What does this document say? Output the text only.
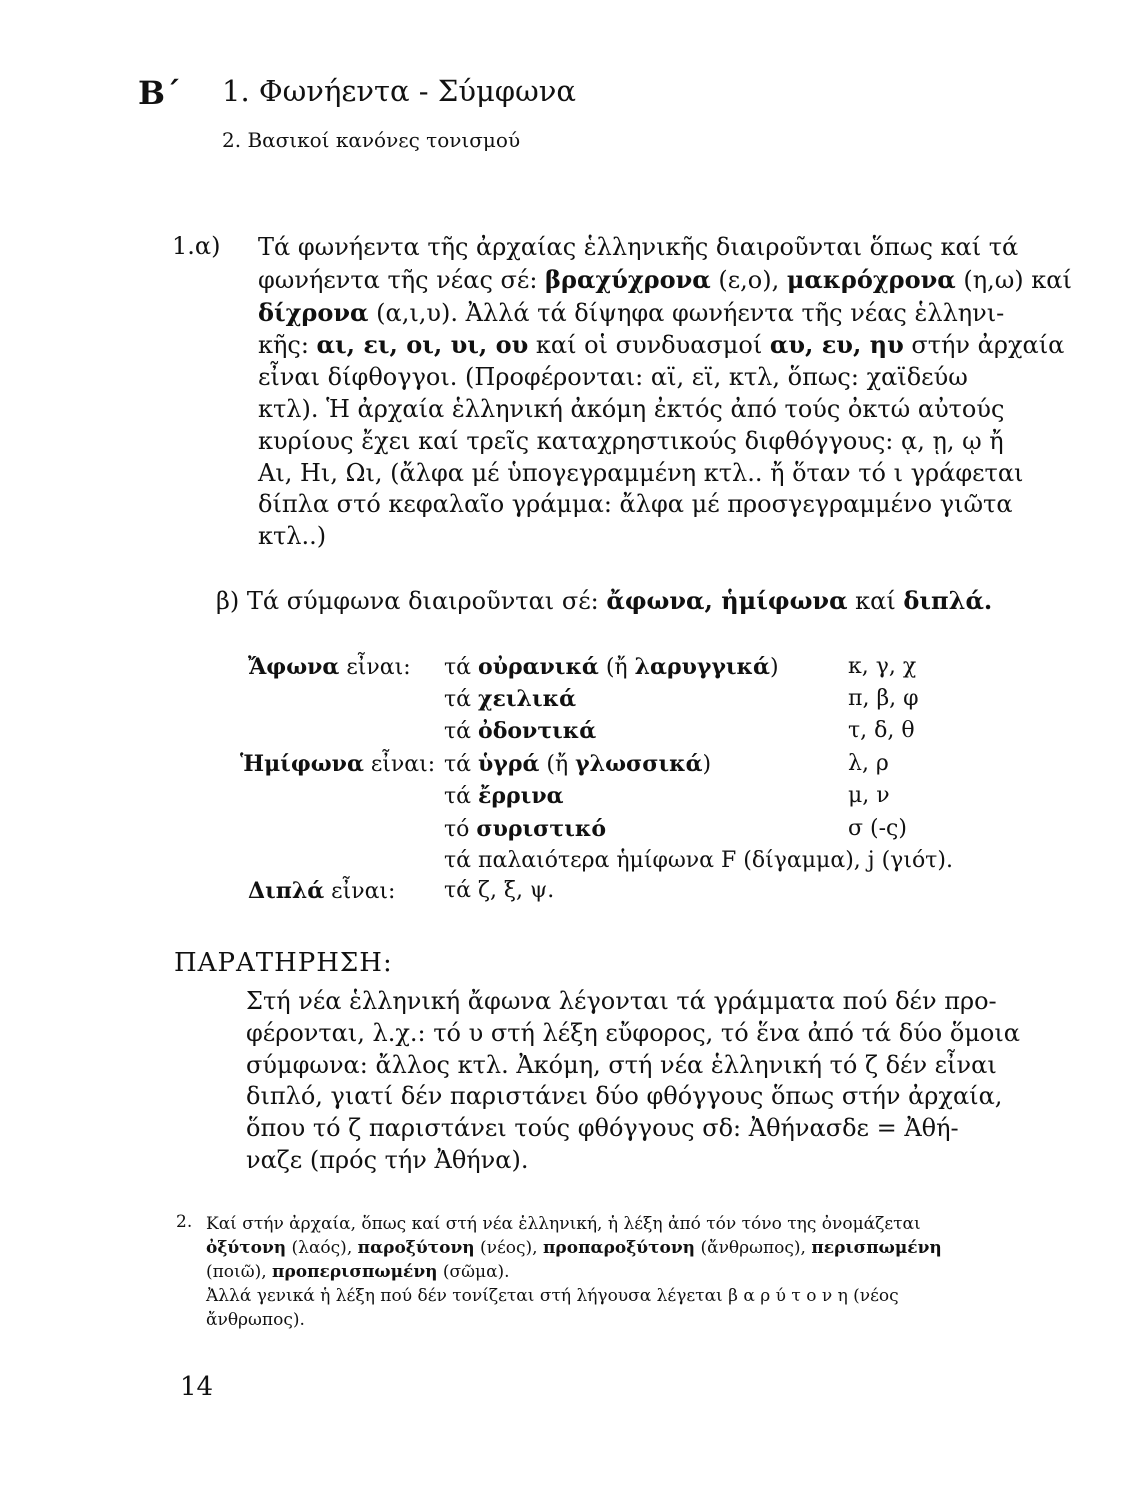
Β΄ 1. Φωνήεντα - Σύμφωνα
2. Βασικοί κανόνες τονισμού
1.α) Τά φωνήεντα τῆς ἀρχαίας ἑλληνικῆς διαιροῦνται ὅπως καί τά
φωνήεντα τῆς νέας σέ: βραχύχρονα (ε,ο), μακρόχρονα (η,ω) καί
δίχρονα (α,ι,υ). Ἀλλά τά δίψηφα φωνήεντα τῆς νέας ἑλληνι-
κῆς: αι, ει, οι, υι, ου καί οἱ συνδυασμοί αυ, ευ, ηυ στήν ἀρχαία
εἶναι δίφθογγοι. (Προφέρονται: αϊ, εϊ, κτλ, ὅπως: χαϊδεύω
κτλ). Ἡ ἀρχαία ἑλληνική ἀκόμη ἐκτός ἀπό τούς ὀκτώ αὐτούς
κυρίους ἔχει καί τρεῖς καταχρηστικούς διφθόγγους: ᾳ, ῃ, ῳ ἤ
Αι, Ηι, Ωι, (ἄλφα μέ ὑπογεγραμμένη κτλ.. ἤ ὅταν τό ι γράφεται
δίπλα στό κεφαλαῖο γράμμα: ἄλφα μέ προσγεγραμμένο γιῶτα
κτλ..)
β) Τά σύμφωνα διαιροῦνται σέ: ἄφωνα, ἡμίφωνα καί διπλά.
Ἄφωνα εἶναι: τά οὐρανικά (ἤ λαρυγγικά)	κ, γ, χ
τά χειλικά	π, β, φ
τά ὀδοντικά	τ, δ, θ
Ἡμίφωνα εἶναι: τά ὑγρά (ἤ γλωσσικά)	λ, ρ
τά ἔρρινα	μ, ν
τό συριστικό	σ (-ς)
τά παλαιότερα ἡμίφωνα F (δίγαμμα), j (γιότ).
Διπλά εἶναι: τά ζ, ξ, ψ.
ΠΑΡΑΤΗΡΗΣΗ:
Στή νέα ἑλληνική ἄφωνα λέγονται τά γράμματα πού δέν προ-
φέρονται, λ.χ.: τό υ στή λέξη εὔφορος, τό ἕνα ἀπό τά δύο ὅμοια
σύμφωνα: ἄλλος κτλ. Ἀκόμη, στή νέα ἑλληνική τό ζ δέν εἶναι
διπλό, γιατί δέν παριστάνει δύο φθόγγους ὅπως στήν ἀρχαία,
ὅπου τό ζ παριστάνει τούς φθόγγους σδ: Ἀθήνασδε = Ἀθή-
ναζε (πρός τήν Ἀθήνα).
2. Καί στήν ἀρχαία, ὅπως καί στή νέα ἑλληνική, ἡ λέξη ἀπό τόν τόνο της ὀνομάζεται
ὀξύτονη (λαός), παροξύτονη (νέος), προπαροξύτονη (ἄνθρωπος), περισπωμένη
(ποιῶ), προπερισπωμένη (σῶμα).
Ἀλλά γενικά ἡ λέξη πού δέν τονίζεται στή λήγουσα λέγεται β α ρ ύ τ ο ν η (νέος
ἄνθρωπος).
14
